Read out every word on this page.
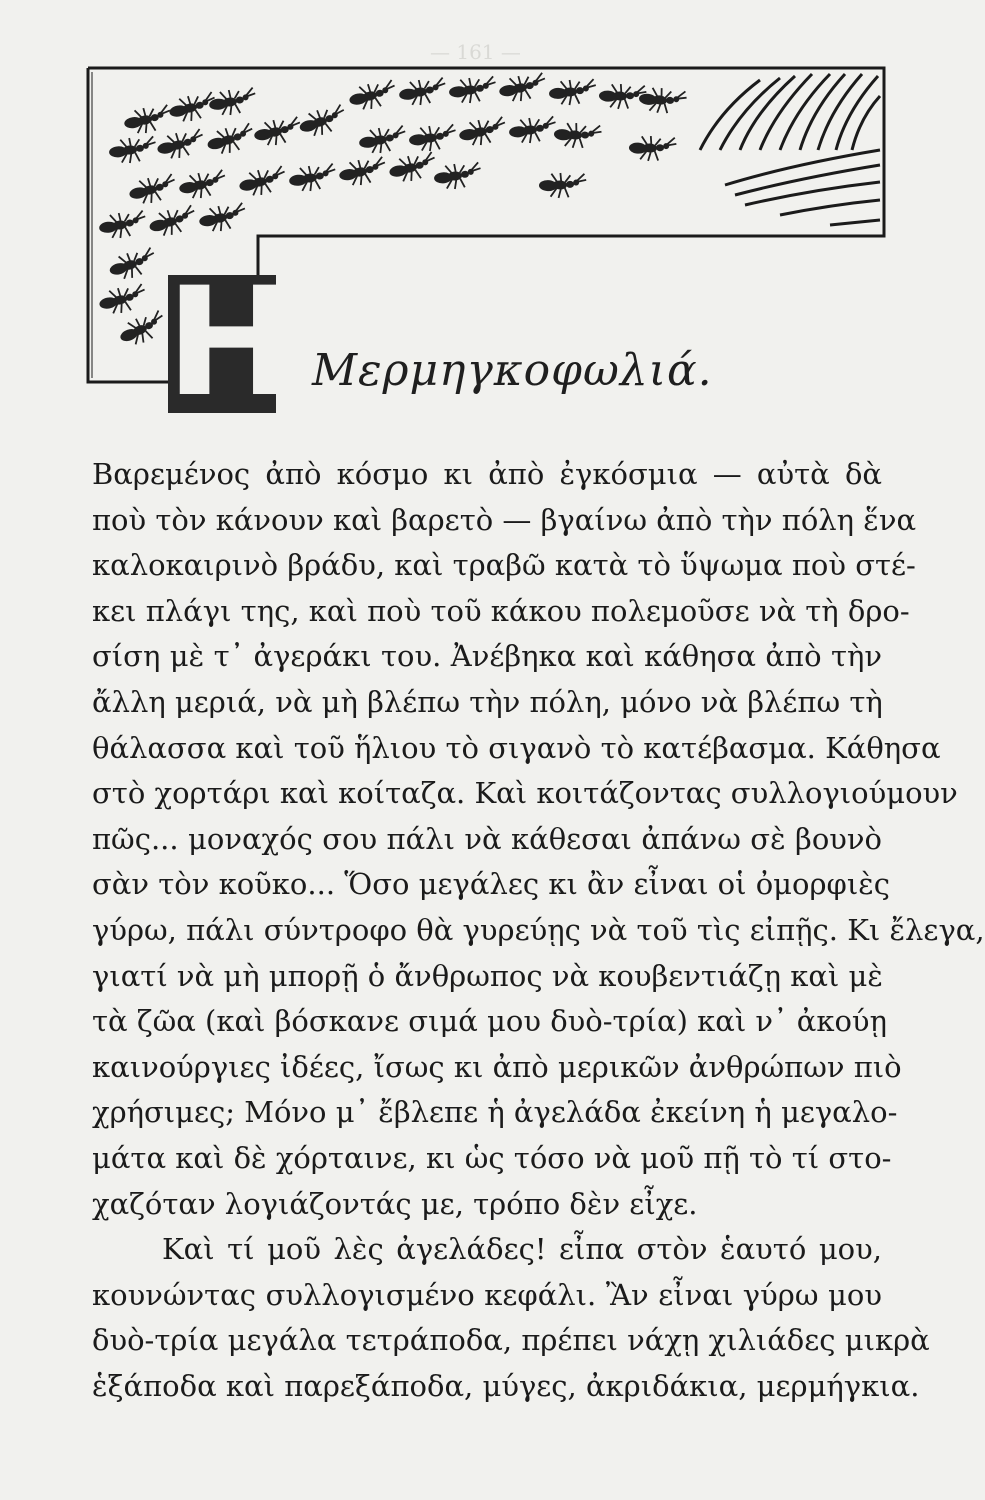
— 161 —
Η Μερμηγκοφωλιά.
Βαρεμένος ἀπὸ κόσμο κι ἀπὸ ἐγκόσμια — αὐτὰ δὰ
ποὺ τὸν κάνουν καὶ βαρετὸ — βγαίνω ἀπὸ τὴν πόλη ἕνα
καλοκαιρινὸ βράδυ, καὶ τραβῶ κατὰ τὸ ὕψωμα ποὺ στέ-
κει πλάγι της, καὶ ποὺ τοῦ κάκου πολεμοῦσε νὰ τὴ δρο-
σίση μὲ τ᾽ ἀγεράκι του. Ἀνέβηκα καὶ κάθησα ἀπὸ τὴν
ἄλλη μεριά, νὰ μὴ βλέπω τὴν πόλη, μόνο νὰ βλέπω τὴ
θάλασσα καὶ τοῦ ἥλιου τὸ σιγανὸ τὸ κατέβασμα. Κάθησα
στὸ χορτάρι καὶ κοίταζα. Καὶ κοιτάζοντας συλλογιούμουν
πῶς... μοναχός σου πάλι νὰ κάθεσαι ἀπάνω σὲ βουνὸ
σὰν τὸν κοῦκο... Ὅσο μεγάλες κι ἂν εἶναι οἱ ὀμορφιὲς
γύρω, πάλι σύντροφο θὰ γυρεύῃς νὰ τοῦ τὶς εἰπῇς. Κι ἔλεγα,
γιατί νὰ μὴ μπορῇ ὁ ἄνθρωπος νὰ κουβεντιάζῃ καὶ μὲ
τὰ ζῶα (καὶ βόσκανε σιμά μου δυὸ-τρία) καὶ ν᾽ ἀκούῃ
καινούργιες ἰδέες, ἴσως κι ἀπὸ μερικῶν ἀνθρώπων πιὸ
χρήσιμες; Μόνο μ᾽ ἔβλεπε ἡ ἀγελάδα ἐκείνη ἡ μεγαλο-
μάτα καὶ δὲ χόρταινε, κι ὡς τόσο νὰ μοῦ πῇ τὸ τί στο-
χαζόταν λογιάζοντάς με, τρόπο δὲν εἶχε.
Καὶ τί μοῦ λὲς ἀγελάδες! εἶπα στὸν ἑαυτό μου,
κουνώντας συλλογισμένο κεφάλι. Ἂν εἶναι γύρω μου
δυὸ-τρία μεγάλα τετράποδα, πρέπει νάχῃ χιλιάδες μικρὰ
ἑξάποδα καὶ παρεξάποδα, μύγες, ἀκριδάκια, μερμήγκια.
